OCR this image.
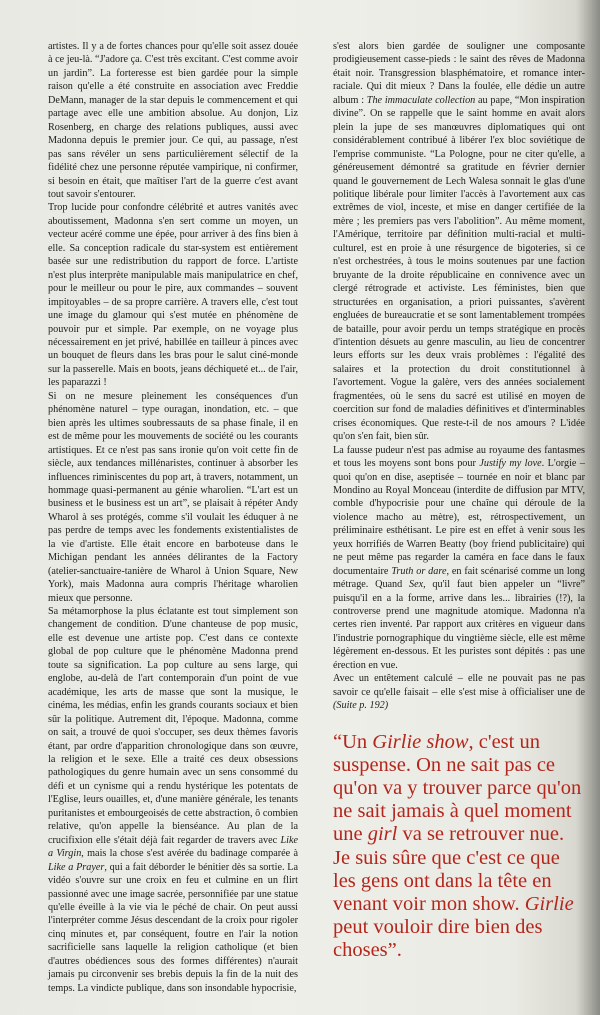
artistes. Il y a de fortes chances pour qu'elle soit assez douée à ce jeu-là. “J'adore ça. C'est très excitant. C'est comme avoir un jardin”. La forteresse est bien gardée pour la simple raison qu'elle a été construite en association avec Freddie DeMann, manager de la star depuis le commencement et qui partage avec elle une ambition absolue. Au donjon, Liz Rosenberg, en charge des relations publiques, aussi avec Madonna depuis le premier jour. Ce qui, au passage, n'est pas sans révéler un sens particulièrement sélectif de la fidélité chez une personne réputée vampirique, ni confirmer, si besoin en était, que maîtiser l'art de la guerre c'est avant tout savoir s'entourer.

Trop lucide pour confondre célébrité et autres vanités avec aboutissement, Madonna s'en sert comme un moyen, un vecteur acéré comme une épée, pour arriver à des fins bien à elle. Sa conception radicale du star-system est entièrement basée sur une redistribution du rapport de force. L'artiste n'est plus interprète manipulable mais manipulatrice en chef, pour le meilleur ou pour le pire, aux commandes – souvent impitoyables – de sa propre carrière. A travers elle, c'est tout une image du glamour qui s'est mutée en phénomène de pouvoir pur et simple. Par exemple, on ne voyage plus nécessairement en jet privé, habillée en tailleur à pinces avec un bouquet de fleurs dans les bras pour le salut ciné-monde sur la passerelle. Mais en boots, jeans déchiqueté et... de l'air, les paparazzi !

Si on ne mesure pleinement les conséquences d'un phénomène naturel – type ouragan, inondation, etc. – que bien après les ultimes soubressauts de sa phase finale, il en est de même pour les mouvements de société ou les courants artistiques. Et ce n'est pas sans ironie qu'on voit cette fin de siècle, aux tendances millénaristes, continuer à absorber les influences riminiscentes du pop art, à travers, notamment, un hommage quasi-permanent au génie wharolien. “L'art est un business et le business est un art”, se plaisait à répéter Andy Wharol à ses protégés, comme s'il voulait les éduquer à ne pas perdre de temps avec les fondements existentialistes de la vie d'artiste. Elle était encore en barboteuse dans le Michigan pendant les années délirantes de la Factory (atelier-sanctuaire-tanière de Wharol à Union Square, New York), mais Madonna aura compris l'héritage wharolien mieux que personne.

Sa métamorphose la plus éclatante est tout simplement son changement de condition. D'une chanteuse de pop music, elle est devenue une artiste pop. C'est dans ce contexte global de pop culture que le phénomène Madonna prend toute sa signification. La pop culture au sens large, qui englobe, au-delà de l'art contemporain d'un point de vue académique, les arts de masse que sont la musique, le cinéma, les médias, enfin les grands courants sociaux et bien sûr la politique. Autrement dit, l'époque. Madonna, comme on sait, a trouvé de quoi s'occuper, ses deux thèmes favoris étant, par ordre d'apparition chronologique dans son œuvre, la religion et le sexe. Elle a traité ces deux obsessions pathologiques du genre humain avec un sens consommé du défi et un cynisme qui a rendu hystérique les potentats de l'Eglise, leurs ouailles, et, d'une manière générale, les tenants puritanistes et embourgeoisés de cette abstraction, ô combien relative, qu'on appelle la bienséance. Au plan de la crucifixion elle s'était déjà fait regarder de travers avec Like a Virgin, mais la chose s'est avérée du badinage comparée à Like a Prayer, qui a fait déborder le bénitier dès sa sortie. La vidéo s'ouvre sur une croix en feu et culmine en un flirt passionné avec une image sacrée, personnifiée par une statue qu'elle éveille à la vie via le péché de chair. On peut aussi l'interpréter comme Jésus descendant de la croix pour rigoler cinq minutes et, par conséquent, foutre en l'air la notion sacrificielle sans laquelle la religion catholique (et bien d'autres obédiences sous des formes différentes) n'aurait jamais pu circonvenir ses brebis depuis la fin de la nuit des temps. La vindicte publique, dans son insondable hypocrisie,

s'est alors bien gardée de souligner une composante prodigieusement casse-pieds : le saint des rêves de Madonna était noir. Transgression blasphématoire, et romance inter-raciale. Qui dit mieux ? Dans la foulée, elle dédie un autre album : The immaculate collection au pape, “Mon inspiration divine”. On se rappelle que le saint homme en avait alors plein la jupe de ses manœuvres diplomatiques qui ont considérablement contribué à libérer l'ex bloc soviétique de l'emprise communiste. “La Pologne, pour ne citer qu'elle, a généreusement démontré sa gratitude en février dernier quand le gouvernement de Lech Walesa sonnait le glas d'une politique libérale pour limiter l'accès à l'avortement aux cas extrêmes de viol, inceste, et mise en danger certifiée de la mère ; les premiers pas vers l'abolition”. Au même moment, l'Amérique, territoire par définition multi-racial et multi-culturel, est en proie à une résurgence de bigoteries, si ce n'est orchestrées, à tous le moins soutenues par une faction bruyante de la droite républicaine en connivence avec un clergé rétrograde et activiste. Les féministes, bien que structurées en organisation, a priori puissantes, s'avèrent engluées de bureaucratie et se sont lamentablement trompées de bataille, pour avoir perdu un temps stratégique en procès d'intention désuets au genre masculin, au lieu de concentrer leurs efforts sur les deux vrais problèmes : l'égalité des salaires et la protection du droit constitutionnel à l'avortement. Vogue la galère, vers des années socialement fragmentées, où le sens du sacré est utilisé en moyen de coercition sur fond de maladies définitives et d'interminables crises économiques. Que reste-t-il de nos amours ? L'idée qu'on s'en fait, bien sûr.

La fausse pudeur n'est pas admise au royaume des fantasmes et tous les moyens sont bons pour Justify my love. L'orgie – quoi qu'on en dise, aseptisée – tournée en noir et blanc par Mondino au Royal Monceau (interdite de diffusion par MTV, comble d'hypocrisie pour une chaîne qui déroule de la violence macho au mètre), est, rétrospectivement, un préliminaire esthétisant. Le pire est en effet à venir sous les yeux horrifiés de Warren Beatty (boy friend publicitaire) qui ne peut même pas regarder la caméra en face dans le faux documentaire Truth or dare, en fait scénarisé comme un long métrage. Quand Sex, qu'il faut bien appeler un “livre” puisqu'il en a la forme, arrive dans les... librairies (!?), la controverse prend une magnitude atomique. Madonna n'a certes rien inventé. Par rapport aux critères en vigueur dans l'industrie pornographique du vingtième siècle, elle est même légèrement en-dessous. Et les puristes sont dépités : pas une érection en vue.

Avec un entêtement calculé – elle ne pouvait pas ne pas savoir ce qu'elle faisait – elle s'est mise à officialiser une de (Suite p. 192)

“Un Girlie show, c'est unsuspense. On ne sait pas ce qu'on va y trouver parce qu'on ne sait jamais à quel moment une girl va se retrouver nue. Je suis sûre que c'est ce que les gens ont dans la tête en venant voir mon show. Girlie peut vouloir dire bien des choses”.
